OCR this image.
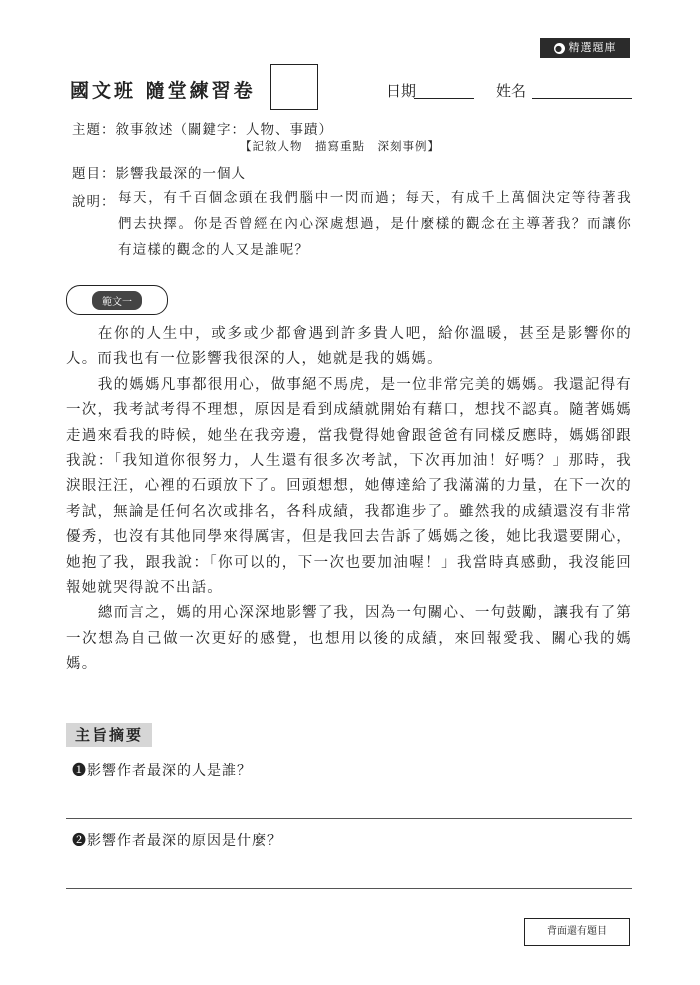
● 精選題庫
國文班 隨堂練習卷	日期	姓名
主題：敘事敘述（關鍵字：人物、事蹟）
【記敘人物　描寫重點　深刻事例】
題目：影響我最深的一個人
說明： 每天，有千百個念頭在我們腦中一閃而過；每天，有成千上萬個決定等待著我們去抉擇。你是否曾經在內心深處想過，是什麼樣的觀念在主導著我？而讓你有這樣的觀念的人又是誰呢？
範文一

在你的人生中，或多或少都會遇到許多貴人吧，給你溫暖，甚至是影響你的人。而我也有一位影響我很深的人，她就是我的媽媽。

我的媽媽凡事都很用心，做事絕不馬虎，是一位非常完美的媽媽。我還記得有一次，我考試考得不理想，原因是看到成績就開始有藉口，想找不認真。隨著媽媽走過來看我的時候，她坐在我旁邊，當我覺得她會跟爸爸有同樣反應時，媽媽卻跟我說：「我知道你很努力，人生還有很多次考試，下次再加油！好嗎？」那時，我淚眼汪汪，心裡的石頭放下了。回頭想想，她傳達給了我滿滿的力量，在下一次的考試，無論是任何名次或排名，各科成績，我都進步了。雖然我的成績還沒有非常優秀，也沒有其他同學來得厲害，但是我回去告訴了媽媽之後，她比我還要開心，她抱了我，跟我說：「你可以的，下一次也要加油喔！」我當時真感動，我沒能回報她就哭得說不出話。

總而言之，媽的用心深深地影響了我，因為一句關心、一句鼓勵，讓我有了第一次想為自己做一次更好的感覺，也想用以後的成績，來回報愛我、關心我的媽媽。

主旨摘要
❶影響作者最深的人是誰？
❷影響作者最深的原因是什麼？
背面還有題目
